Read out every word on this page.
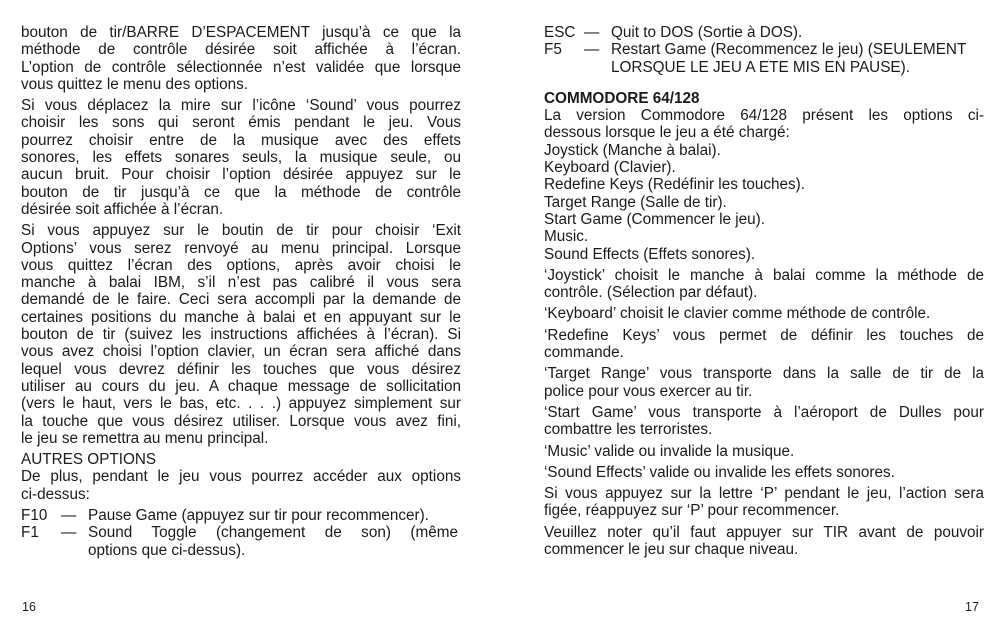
bouton de tir/BARRE D’ESPACEMENT jusqu’à ce que la
méthode de contrôle désirée soit affichée à l’écran.
L’option de contrôle sélectionnée n’est validée que lorsque
vous quittez le menu des options.

Si vous déplacez la mire sur l’icône ‘Sound’ vous pourrez
choisir les sons qui seront émis pendant le jeu. Vous
pourrez choisir entre de la musique avec des effets
sonores, les effets sonares seuls, la musique seule, ou
aucun bruit. Pour choisir l’option désirée appuyez sur le
bouton de tir jusqu’à ce que la méthode de contrôle
désirée soit affichée à l’écran.

Si vous appuyez sur le boutin de tir pour choisir ‘Exit
Options’ vous serez renvoyé au menu principal. Lorsque
vous quittez l’écran des options, après avoir choisi le
manche à balai IBM, s’il n’est pas calibré il vous sera
demandé de le faire. Ceci sera accompli par la demande de
certaines positions du manche à balai et en appuyant sur le
bouton de tir (suivez les instructions affichées à l’écran). Si
vous avez choisi l’option clavier, un écran sera affiché dans
lequel vous devrez définir les touches que vous désirez
utiliser au cours du jeu. A chaque message de sollicitation
(vers le haut, vers le bas, etc. . . .) appuyez simplement sur
la touche que vous désirez utiliser. Lorsque vous avez fini,
le jeu se remettra au menu principal.

AUTRES OPTIONS

De plus, pendant le jeu vous pourrez accéder aux options
ci-dessus:

F10	—	Pause Game (appuyez sur tir pour recommencer).

F1	—	Sound Toggle (changement de son) (même
options que ci-dessus).
ESC	—	Quit to DOS (Sortie à DOS).

F5	—	Restart Game (Recommencez le jeu) (SEULEMENT
LORSQUE LE JEU A ETE MIS EN PAUSE).
COMMODORE 64/128

La version Commodore 64/128 présent les options ci-
dessous lorsque le jeu a été chargé:

Joystick (Manche à balai).
Keyboard (Clavier).
Redefine Keys (Redéfinir les touches).
Target Range (Salle de tir).
Start Game (Commencer le jeu).
Music.
Sound Effects (Effets sonores).

‘Joystick’ choisit le manche à balai comme la méthode de
contrôle. (Sélection par défaut).

‘Keyboard’ choisit le clavier comme méthode de contrôle.

‘Redefine Keys’ vous permet de définir les touches de
commande.

‘Target Range’ vous transporte dans la salle de tir de la
police pour vous exercer au tir.

‘Start Game’ vous transporte à l’aéroport de Dulles pour
combattre les terroristes.

‘Music’ valide ou invalide la musique.

‘Sound Effects’ valide ou invalide les effets sonores.

Si vous appuyez sur la lettre ‘P’ pendant le jeu, l’action sera
figée, réappuyez sur ‘P’ pour recommencer.

Veuillez noter qu’il faut appuyer sur TIR avant de pouvoir
commencer le jeu sur chaque niveau.

16	17
